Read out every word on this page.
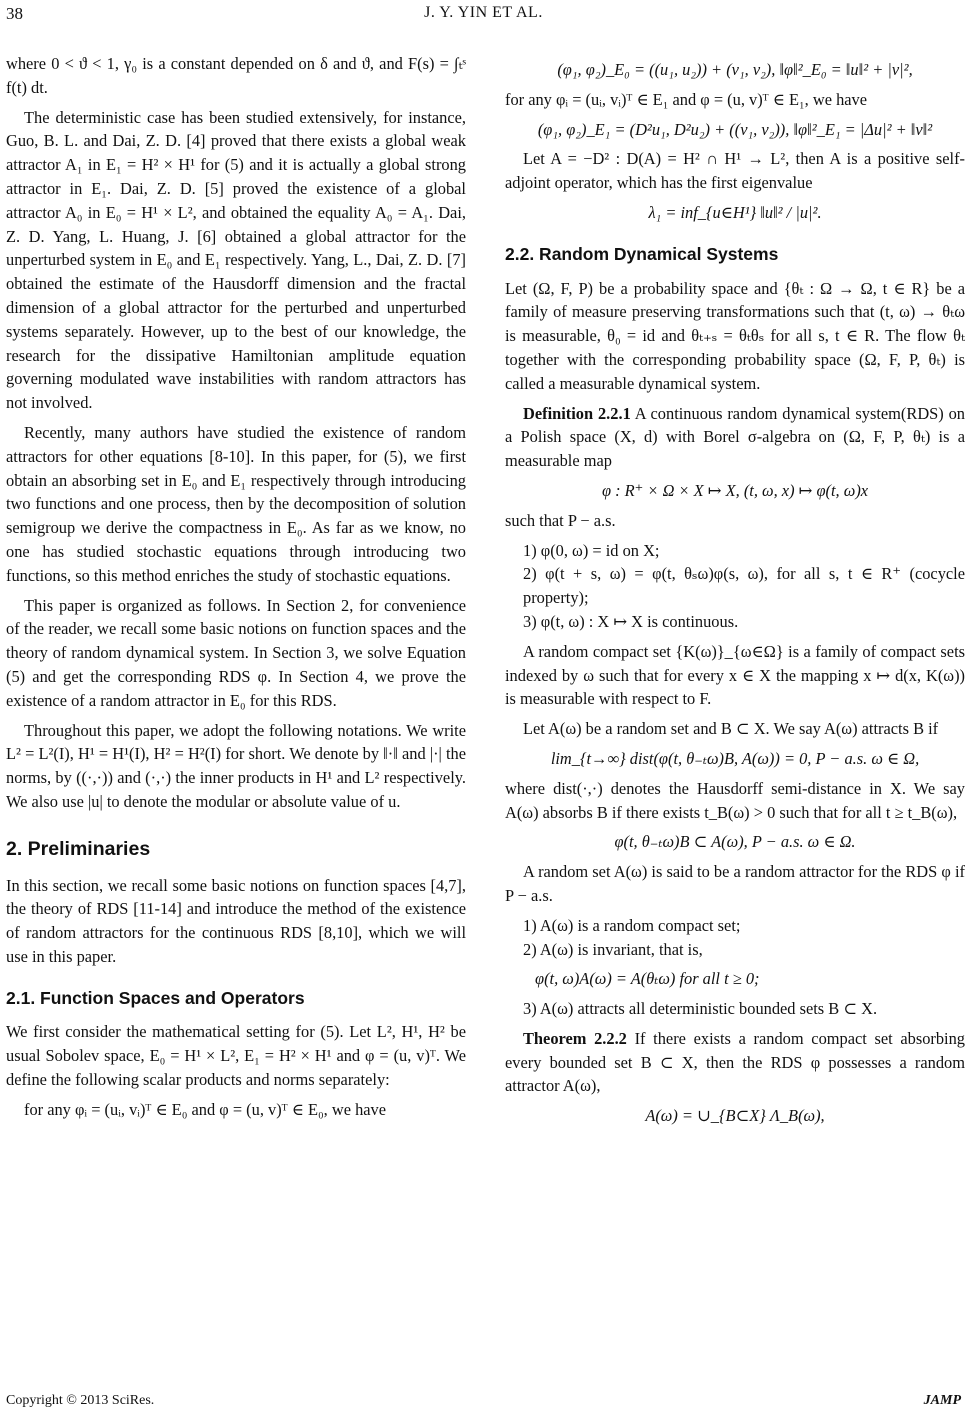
38	J. Y. YIN ET AL.

where 0 < ϑ < 1, γ₀ is a constant depended on δ and ϑ, and F(s) = ∫ₜˢ f(t) dt.

The deterministic case has been studied extensively, for instance, Guo, B. L. and Dai, Z. D. [4] proved that there exists a global weak attractor A₁ in E₁ = H² × H¹ for (5) and it is actually a global strong attractor in E₁. Dai, Z. D. [5] proved the existence of a global attractor A₀ in E₀ = H¹ × L², and obtained the equality A₀ = A₁. Dai, Z. D. Yang, L. Huang, J. [6] obtained a global attractor for the unperturbed system in E₀ and E₁ respectively. Yang, L., Dai, Z. D. [7] obtained the estimate of the Hausdorff dimension and the fractal dimension of a global attractor for the perturbed and unperturbed systems separately. However, up to the best of our knowledge, the research for the dissipative Hamiltonian amplitude equation governing modulated wave instabilities with random attractors has not involved.

Recently, many authors have studied the existence of random attractors for other equations [8-10]. In this paper, for (5), we first obtain an absorbing set in E₀ and E₁ respectively through introducing two functions and one process, then by the decomposition of solution semigroup we derive the compactness in E₀. As far as we know, no one has studied stochastic equations through introducing two functions, so this method enriches the study of stochastic equations.

This paper is organized as follows. In Section 2, for convenience of the reader, we recall some basic notions on function spaces and the theory of random dynamical system. In Section 3, we solve Equation (5) and get the corresponding RDS φ. In Section 4, we prove the existence of a random attractor in E₀ for this RDS.

Throughout this paper, we adopt the following notations. We write L² = L²(I), H¹ = H¹(I), H² = H²(I) for short. We denote by ‖·‖ and |·| the norms, by ((·,·)) and (·,·) the inner products in H¹ and L² respectively. We also use |u| to denote the modular or absolute value of u.

2. Preliminaries

In this section, we recall some basic notions on function spaces [4,7], the theory of RDS [11-14] and introduce the method of the existence of random attractors for the continuous RDS [8,10], which we will use in this paper.

2.1. Function Spaces and Operators

We first consider the mathematical setting for (5). Let L², H¹, H² be usual Sobolev space, E₀ = H¹ × L², E₁ = H² × H¹ and φ = (u, v)ᵀ. We define the following scalar products and norms separately:

for any φᵢ = (uᵢ, vᵢ)ᵀ ∈ E₀ and φ = (u, v)ᵀ ∈ E₀, we have

(φ₁, φ₂)_E₀ = ((u₁, u₂)) + (v₁, v₂), ‖φ‖²_E₀ = ‖u‖² + |v|²,

for any φᵢ = (uᵢ, vᵢ)ᵀ ∈ E₁ and φ = (u, v)ᵀ ∈ E₁, we have

(φ₁, φ₂)_E₁ = (D²u₁, D²u₂) + ((v₁, v₂)), ‖φ‖²_E₁ = |Δu|² + ‖v‖²

Let A = −D² : D(A) = H² ∩ H¹ → L², then A is a positive self-adjoint operator, which has the first eigenvalue

λ₁ = inf_{u∈H¹} ‖u‖² / |u|².
2.2. Random Dynamical Systems

Let (Ω, F, P) be a probability space and {θₜ : Ω → Ω, t ∈ R} be a family of measure preserving transformations such that (t, ω) → θₜω is measurable, θ₀ = id and θₜ₊ₛ = θₜθₛ for all s, t ∈ R. The flow θₜ together with the corresponding probability space (Ω, F, P, θₜ) is called a measurable dynamical system.

Definition 2.2.1 A continuous random dynamical system(RDS) on a Polish space (X, d) with Borel σ-algebra on (Ω, F, P, θₜ) is a measurable map

φ : R⁺ × Ω × X ↦ X, (t, ω, x) ↦ φ(t, ω)x

such that P − a.s.

1) φ(0, ω) = id on X;

2) φ(t + s, ω) = φ(t, θₛω)φ(s, ω), for all s, t ∈ R⁺ (cocycle property);

3) φ(t, ω) : X ↦ X is continuous.

A random compact set {K(ω)}_{ω∈Ω} is a family of compact sets indexed by ω such that for every x ∈ X the mapping x ↦ d(x, K(ω)) is measurable with respect to F.

Let A(ω) be a random set and B ⊂ X. We say A(ω) attracts B if

lim_{t→∞} dist(φ(t, θ₋ₜω)B, A(ω)) = 0, P − a.s. ω ∈ Ω,

where dist(·,·) denotes the Hausdorff semi-distance in X. We say A(ω) absorbs B if there exists t_B(ω) > 0 such that for all t ≥ t_B(ω),

φ(t, θ₋ₜω)B ⊂ A(ω), P − a.s. ω ∈ Ω.

A random set A(ω) is said to be a random attractor for the RDS φ if P − a.s.

1) A(ω) is a random compact set;

2) A(ω) is invariant, that is,

φ(t, ω)A(ω) = A(θₜω) for all t ≥ 0;

3) A(ω) attracts all deterministic bounded sets B ⊂ X.

Theorem 2.2.2 If there exists a random compact set absorbing every bounded set B ⊂ X, then the RDS φ possesses a random attractor A(ω),

A(ω) = ∪_{B⊂X} Λ_B(ω),
Copyright © 2013 SciRes.	JAMP
